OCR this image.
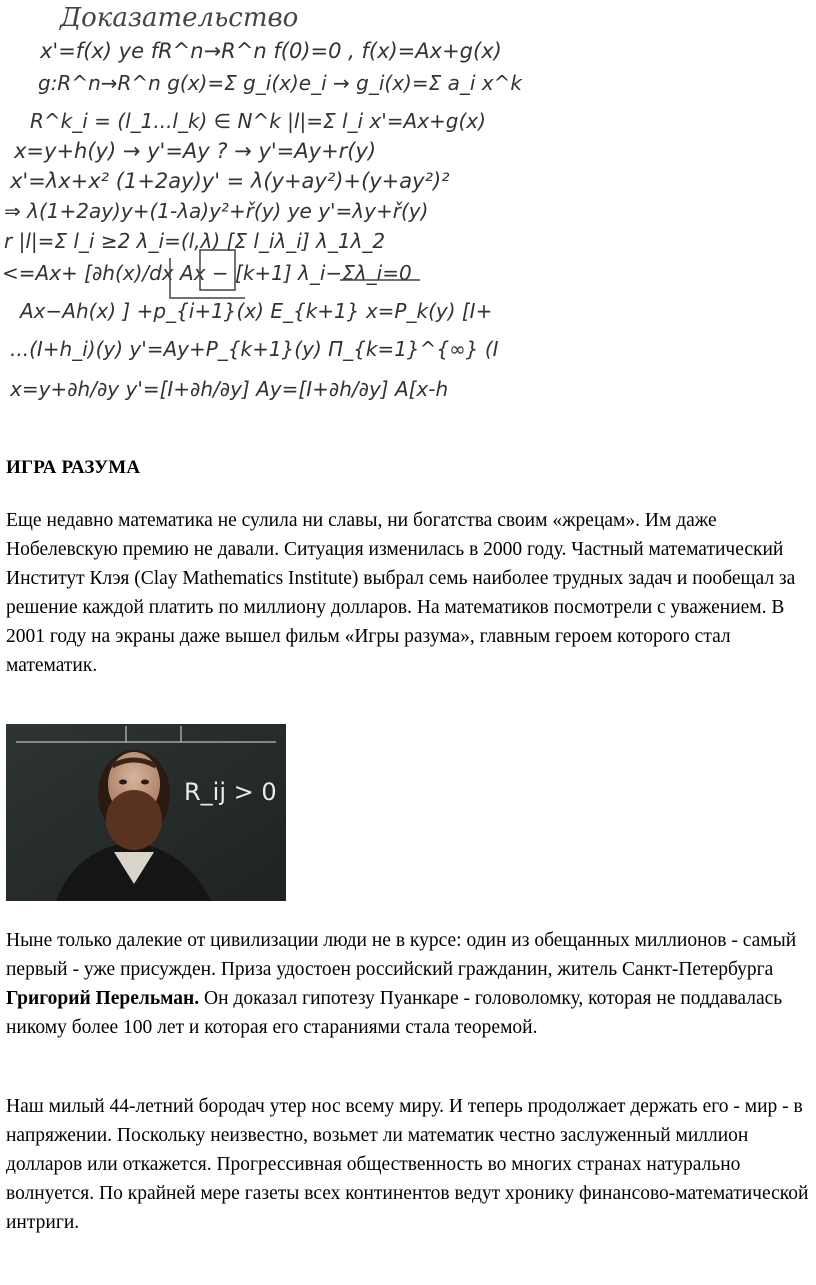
Доказательство
x'=f(x) ye fR^n→R^n f(0)=0 , f(x)=Ax+g(x)
g:R^n→R^n g(x)=Σ g_i(x)e_i → g_i(x)=Σ a_i x^k
R^k_i = (l_1...l_k) ∈ N^k |l|=Σ l_i x'=Ax+g(x)
x=y+h(y) → y'=Ay ? → y'=Ay+r(y)
x'=λx+x² (1+2ay)y' = λ(y+ay²)+(y+ay²)²
⇒ λ(1+2ay)y+(1-λa)y²+ř(y) ye y'=λy+ř(y)
r |l|=Σ l_i ≥2 λ_i=(l,λ) [Σ l_iλ_i] λ_1λ_2
<=Ax+ [∂h(x)/dx Ax − [k+1] λ_i−Σλ_i=0
Ax−Ah(x) ] +p_{i+1}(x) E_{k+1} x=P_k(y) [I+
...(I+h_i)(y) y'=Ay+P_{k+1}(y) Π_{k=1}^{∞} (I
x=y+∂h/∂y y'=[I+∂h/∂y] Ay=[I+∂h/∂y] A[x-h
ИГРА РАЗУМА

Еще недавно математика не сулила ни славы, ни богатства своим «жрецам». Им даже Нобелевскую премию не давали. Ситуация изменилась в 2000 году. Частный математический Институт Клэя (Clay Mathematics Institute) выбрал семь наиболее трудных задач и пообещал за решение каждой платить по миллиону долларов. На математиков посмотрели с уважением. В 2001 году на экраны даже вышел фильм «Игры разума», главным героем которого стал математик.

R_ij > 0

Ныне только далекие от цивилизации люди не в курсе: один из обещанных миллионов - самый первый - уже присужден. Приза удостоен российский гражданин, житель Санкт-Петербурга Григорий Перельман. Он доказал гипотезу Пуанкаре - головоломку, которая не поддавалась никому более 100 лет и которая его стараниями стала теоремой.

Наш милый 44-летний бородач утер нос всему миру. И теперь продолжает держать его - мир - в напряжении. Поскольку неизвестно, возьмет ли математик честно заслуженный миллион долларов или откажется. Прогрессивная общественность во многих странах натурально волнуется. По крайней мере газеты всех континентов ведут хронику финансово-математической интриги.
